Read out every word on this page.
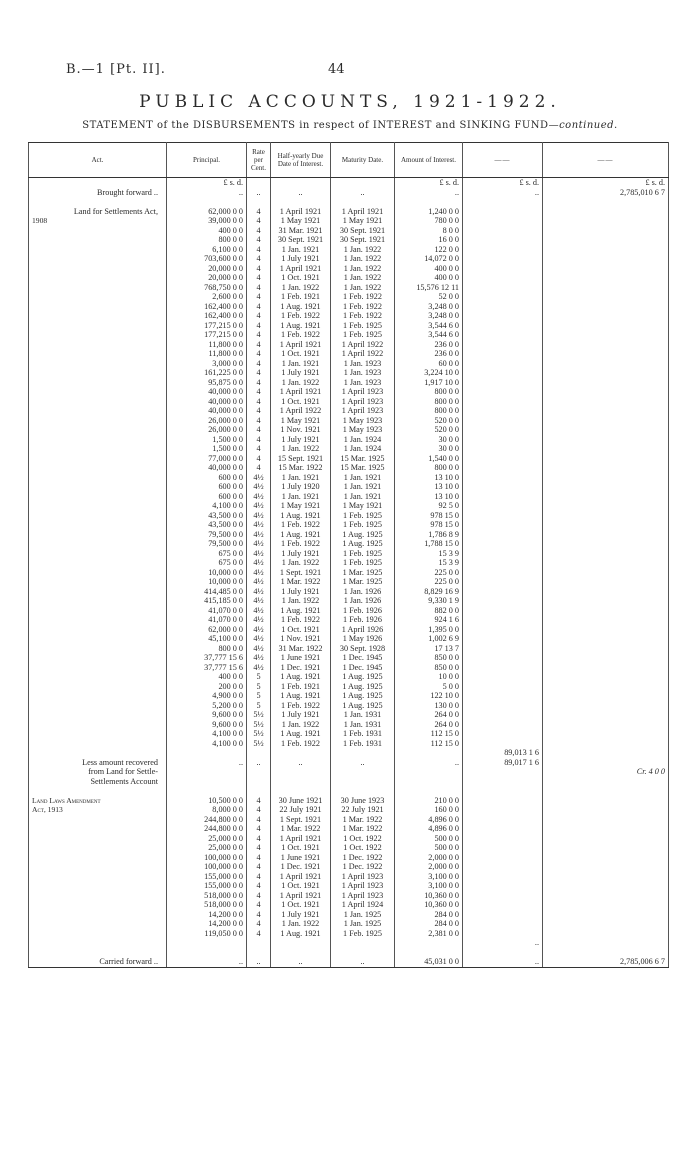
B.—1 [Pt. II].	44
PUBLIC ACCOUNTS, 1921-1922.
STATEMENT of the DISBURSEMENTS in respect of INTEREST and SINKING FUND—continued.
Act.	Principal.	Rate per Cent.	Half-yearly Due Date of Interest.	Maturity Date.	Amount of Interest.	——	——
	£ s. d.				£ s. d.	£ s. d.	£ s. d.
Brought forward ..	..	..	..	..	..	..	2,785,010 6 7

Land for Settlements Act,	62,000 0 0	4	1 April 1921	1 April 1921	1,240 0 0		
1908	39,000 0 0	4	1 May 1921	1 May 1921	780 0 0		
	400 0 0	4	31 Mar. 1921	30 Sept. 1921	8 0 0		
	800 0 0	4	30 Sept. 1921	30 Sept. 1921	16 0 0		
	6,100 0 0	4	1 Jan. 1921	1 Jan. 1922	122 0 0		
	703,600 0 0	4	1 July 1921	1 Jan. 1922	14,072 0 0		
	20,000 0 0	4	1 April 1921	1 Jan. 1922	400 0 0		
	20,000 0 0	4	1 Oct. 1921	1 Jan. 1922	400 0 0		
	768,750 0 0	4	1 Jan. 1922	1 Jan. 1922	15,576 12 11		
	2,600 0 0	4	1 Feb. 1921	1 Feb. 1922	52 0 0		
	162,400 0 0	4	1 Aug. 1921	1 Feb. 1922	3,248 0 0		
	162,400 0 0	4	1 Feb. 1922	1 Feb. 1922	3,248 0 0		
	177,215 0 0	4	1 Aug. 1921	1 Feb. 1925	3,544 6 0		
	177,215 0 0	4	1 Feb. 1922	1 Feb. 1925	3,544 6 0		
	11,800 0 0	4	1 April 1921	1 April 1922	236 0 0		
	11,800 0 0	4	1 Oct. 1921	1 April 1922	236 0 0		
	3,000 0 0	4	1 Jan. 1921	1 Jan. 1923	60 0 0		
	161,225 0 0	4	1 July 1921	1 Jan. 1923	3,224 10 0		
	95,875 0 0	4	1 Jan. 1922	1 Jan. 1923	1,917 10 0		
	40,000 0 0	4	1 April 1921	1 April 1923	800 0 0		
	40,000 0 0	4	1 Oct. 1921	1 April 1923	800 0 0		
	40,000 0 0	4	1 April 1922	1 April 1923	800 0 0		
	26,000 0 0	4	1 May 1921	1 May 1923	520 0 0		
	26,000 0 0	4	1 Nov. 1921	1 May 1923	520 0 0		
	1,500 0 0	4	1 July 1921	1 Jan. 1924	30 0 0		
	1,500 0 0	4	1 Jan. 1922	1 Jan. 1924	30 0 0		
	77,000 0 0	4	15 Sept. 1921	15 Mar. 1925	1,540 0 0		
	40,000 0 0	4	15 Mar. 1922	15 Mar. 1925	800 0 0		
	600 0 0	4½	1 Jan. 1921	1 Jan. 1921	13 10 0		
	600 0 0	4½	1 July 1920	1 Jan. 1921	13 10 0		
	600 0 0	4½	1 Jan. 1921	1 Jan. 1921	13 10 0		
	4,100 0 0	4½	1 May 1921	1 May 1921	92 5 0		
	43,500 0 0	4½	1 Aug. 1921	1 Feb. 1925	978 15 0		
	43,500 0 0	4½	1 Feb. 1922	1 Feb. 1925	978 15 0		
	79,500 0 0	4½	1 Aug. 1921	1 Aug. 1925	1,786 8 9		
	79,500 0 0	4½	1 Feb. 1922	1 Aug. 1925	1,788 15 0		
	675 0 0	4½	1 July 1921	1 Feb. 1925	15 3 9		
	675 0 0	4½	1 Jan. 1922	1 Feb. 1925	15 3 9		
	10,000 0 0	4½	1 Sept. 1921	1 Mar. 1925	225 0 0		
	10,000 0 0	4½	1 Mar. 1922	1 Mar. 1925	225 0 0		
	414,485 0 0	4½	1 July 1921	1 Jan. 1926	8,829 16 9		
	415,185 0 0	4½	1 Jan. 1922	1 Jan. 1926	9,330 1 9		
	41,070 0 0	4½	1 Aug. 1921	1 Feb. 1926	882 0 0		
	41,070 0 0	4½	1 Feb. 1922	1 Feb. 1926	924 1 6		
	62,000 0 0	4½	1 Oct. 1921	1 April 1926	1,395 0 0		
	45,100 0 0	4½	1 Nov. 1921	1 May 1926	1,002 6 9		
	800 0 0	4½	31 Mar. 1922	30 Sept. 1928	17 13 7		
	37,777 15 6	4½	1 June 1921	1 Dec. 1945	850 0 0		
	37,777 15 6	4½	1 Dec. 1921	1 Dec. 1945	850 0 0		
	400 0 0	5	1 Aug. 1921	1 Aug. 1925	10 0 0		
	200 0 0	5	1 Feb. 1921	1 Aug. 1925	5 0 0		
	4,900 0 0	5	1 Aug. 1921	1 Aug. 1925	122 10 0		
	5,200 0 0	5	1 Feb. 1922	1 Aug. 1925	130 0 0		
	9,600 0 0	5½	1 July 1921	1 Jan. 1931	264 0 0		
	9,600 0 0	5½	1 Jan. 1922	1 Jan. 1931	264 0 0		
	4,100 0 0	5½	1 Aug. 1921	1 Feb. 1931	112 15 0		
	4,100 0 0	5½	1 Feb. 1922	1 Feb. 1931	112 15 0		
						89,013 1 6	
Less amount recovered	..	..	..	..	..	89,017 1 6	
from Land for Settle-							Cr. 4 0 0
Settlements Account							

Land Laws Amendment	10,500 0 0	4	30 June 1921	30 June 1923	210 0 0		
Act, 1913	8,000 0 0	4	22 July 1921	22 July 1921	160 0 0		
	244,800 0 0	4	1 Sept. 1921	1 Mar. 1922	4,896 0 0		
	244,800 0 0	4	1 Mar. 1922	1 Mar. 1922	4,896 0 0		
	25,000 0 0	4	1 April 1921	1 Oct. 1922	500 0 0		
	25,000 0 0	4	1 Oct. 1921	1 Oct. 1922	500 0 0		
	100,000 0 0	4	1 June 1921	1 Dec. 1922	2,000 0 0		
	100,000 0 0	4	1 Dec. 1921	1 Dec. 1922	2,000 0 0		
	155,000 0 0	4	1 April 1921	1 April 1923	3,100 0 0		
	155,000 0 0	4	1 Oct. 1921	1 April 1923	3,100 0 0		
	518,000 0 0	4	1 April 1921	1 April 1923	10,360 0 0		
	518,000 0 0	4	1 Oct. 1921	1 April 1924	10,360 0 0		
	14,200 0 0	4	1 July 1921	1 Jan. 1925	284 0 0		
	14,200 0 0	4	1 Jan. 1922	1 Jan. 1925	284 0 0		
	119,050 0 0	4	1 Aug. 1921	1 Feb. 1925	2,381 0 0		
						..	

Carried forward ..	..	..	..	..	45,031 0 0	..	2,785,006 6 7
